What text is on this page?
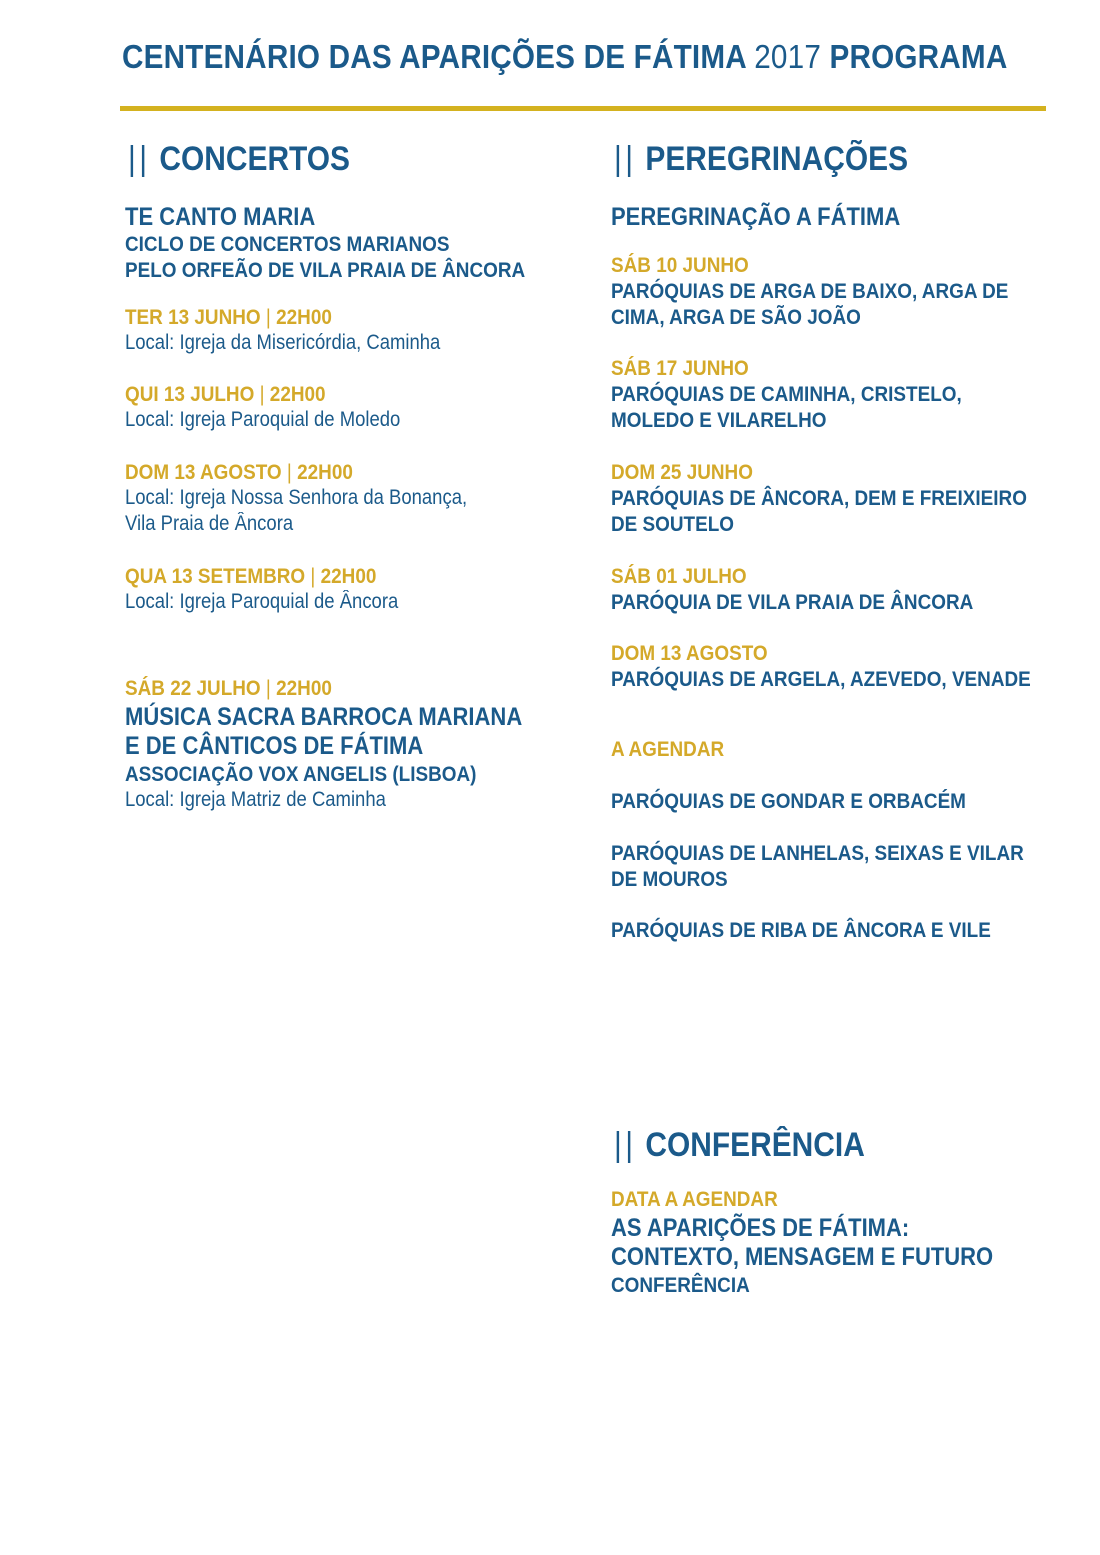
CENTENÁRIO DAS APARIÇÕES DE FÁTIMA 2017 PROGRAMA
|| CONCERTOS
TE CANTO MARIA
CICLO DE CONCERTOS MARIANOS
PELO ORFEÃO DE VILA PRAIA DE ÂNCORA
TER 13 JUNHO | 22H00
Local: Igreja da Misericórdia, Caminha
QUI 13 JULHO | 22H00
Local: Igreja Paroquial de Moledo
DOM 13 AGOSTO | 22H00
Local: Igreja Nossa Senhora da Bonança,
Vila Praia de Âncora
QUA 13 SETEMBRO | 22H00
Local: Igreja Paroquial de Âncora
SÁB 22 JULHO | 22H00
MÚSICA SACRA BARROCA MARIANA
E DE CÂNTICOS DE FÁTIMA
ASSOCIAÇÃO VOX ANGELIS (LISBOA)
Local: Igreja Matriz de Caminha
|| PEREGRINAÇÕES
PEREGRINAÇÃO A FÁTIMA
SÁB 10 JUNHO
PARÓQUIAS DE ARGA DE BAIXO, ARGA DE
CIMA, ARGA DE SÃO JOÃO
SÁB 17 JUNHO
PARÓQUIAS DE CAMINHA, CRISTELO,
MOLEDO E VILARELHO
DOM 25 JUNHO
PARÓQUIAS DE ÂNCORA, DEM E FREIXIEIRO
DE SOUTELO
SÁB 01 JULHO
PARÓQUIA DE VILA PRAIA DE ÂNCORA
DOM 13 AGOSTO
PARÓQUIAS DE ARGELA, AZEVEDO, VENADE
A AGENDAR
PARÓQUIAS DE GONDAR E ORBACÉM
PARÓQUIAS DE LANHELAS, SEIXAS E VILAR
DE MOUROS
PARÓQUIAS DE RIBA DE ÂNCORA E VILE
|| CONFERÊNCIA
DATA A AGENDAR
AS APARIÇÕES DE FÁTIMA:
CONTEXTO, MENSAGEM E FUTURO
CONFERÊNCIA
